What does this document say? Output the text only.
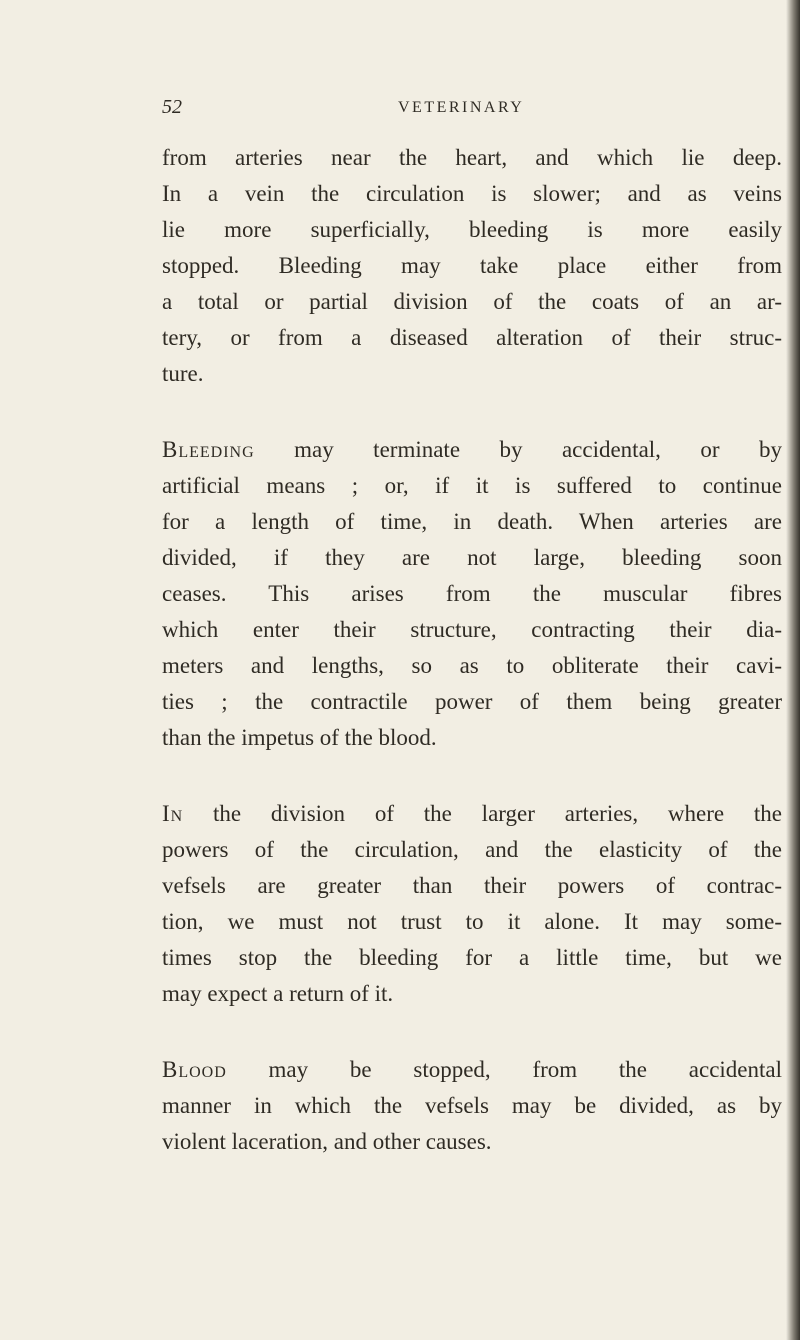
52	VETERINARY
from arteries near the heart, and which lie deep.
In a vein the circulation is slower; and as veins
lie more superficially, bleeding is more easily
stopped. Bleeding may take place either from
a total or partial division of the coats of an ar-
tery, or from a diseased alteration of their struc-
ture.
Bleeding may terminate by accidental, or by
artificial means ; or, if it is suffered to continue
for a length of time, in death. When arteries are
divided, if they are not large, bleeding soon
ceases. This arises from the muscular fibres
which enter their structure, contracting their dia-
meters and lengths, so as to obliterate their cavi-
ties ; the contractile power of them being greater
than the impetus of the blood.
In the division of the larger arteries, where the
powers of the circulation, and the elasticity of the
vefsels are greater than their powers of contrac-
tion, we must not trust to it alone. It may some-
times stop the bleeding for a little time, but we
may expect a return of it.
Blood may be stopped, from the accidental
manner in which the vefsels may be divided, as by
violent laceration, and other causes.
